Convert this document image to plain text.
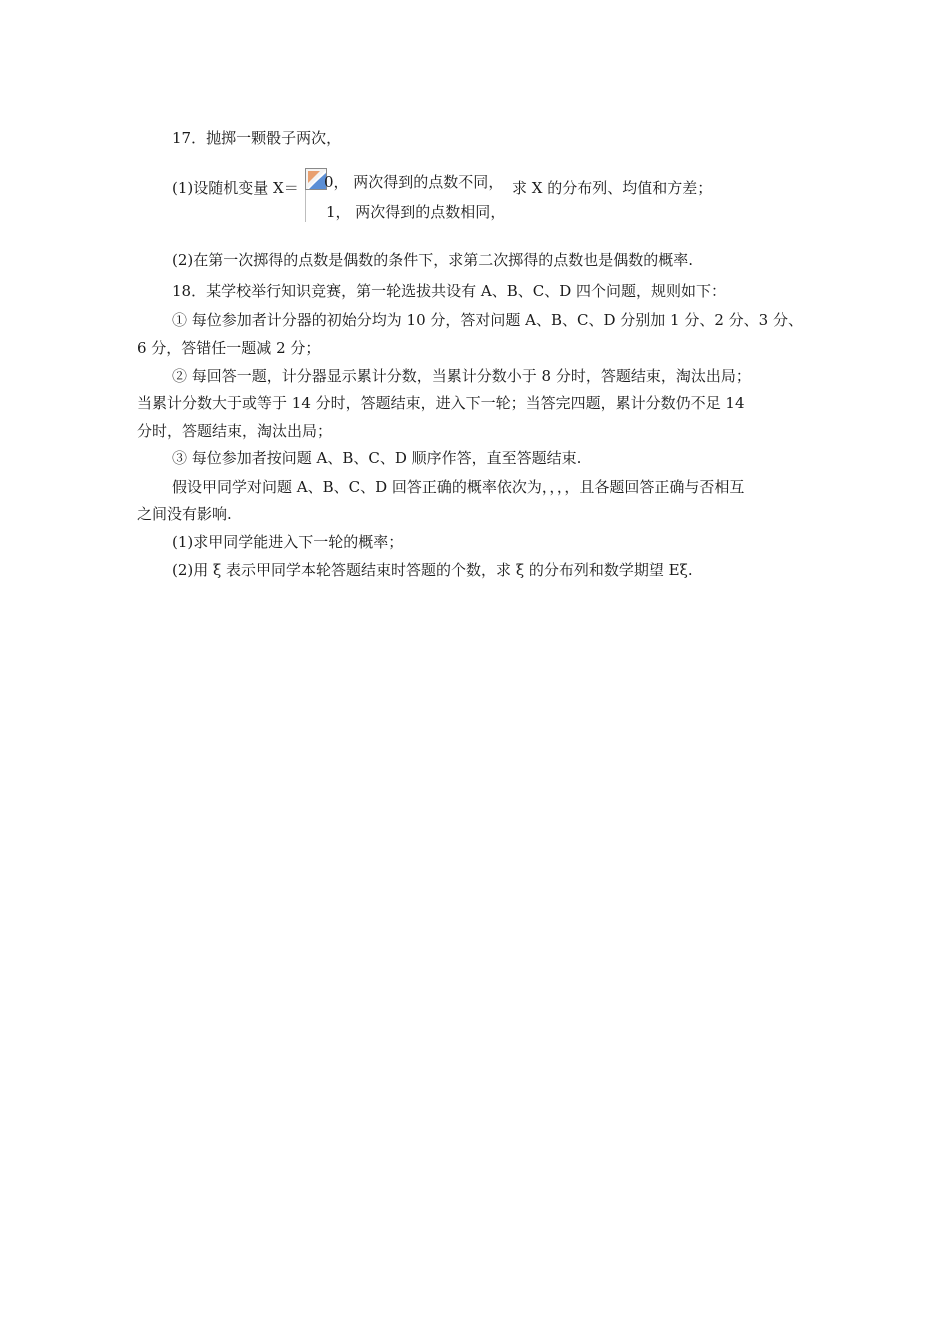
17．抛掷一颗骰子两次，
(1)设随机变量 X＝ 0， 两次得到的点数不同， 求 X 的分布列、均值和方差；
1， 两次得到的点数相同，
(2)在第一次掷得的点数是偶数的条件下，求第二次掷得的点数也是偶数的概率.
18．某学校举行知识竞赛，第一轮选拔共设有 A、B、C、D 四个问题，规则如下：
① 每位参加者计分器的初始分均为 10 分，答对问题 A、B、C、D 分别加 1 分、2 分、3 分、
6 分，答错任一题减 2 分；
② 每回答一题，计分器显示累计分数，当累计分数小于 8 分时，答题结束，淘汰出局；
当累计分数大于或等于 14 分时，答题结束，进入下一轮；当答完四题，累计分数仍不足 14
分时，答题结束，淘汰出局；
③ 每位参加者按问题 A、B、C、D 顺序作答，直至答题结束.
假设甲同学对问题 A、B、C、D 回答正确的概率依次为，，，，且各题回答正确与否相互
之间没有影响.
(1)求甲同学能进入下一轮的概率；
(2)用 ξ 表示甲同学本轮答题结束时答题的个数，求 ξ 的分布列和数学期望 Eξ.
